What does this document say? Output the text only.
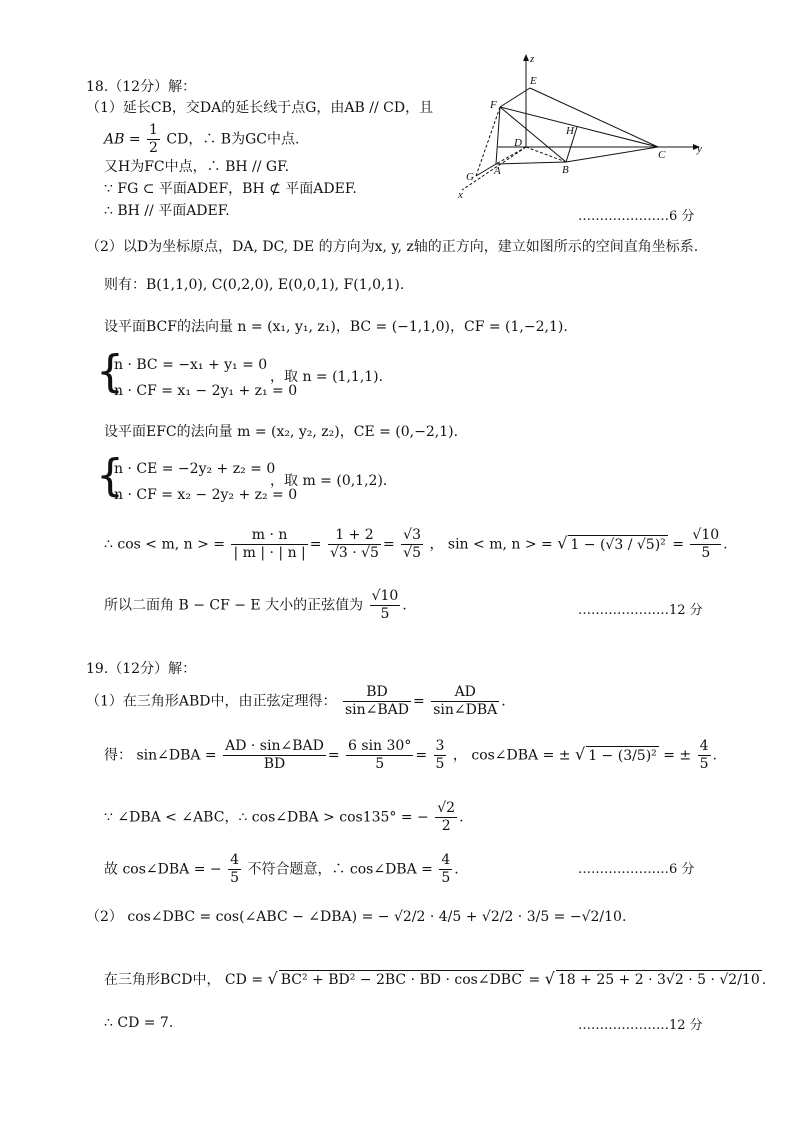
18.（12分）解：
（1）延长CB，交DA的延长线于点G，由AB // CD，且
AB = $\frac{1}{2}$ CD，∴ B为GC中点.
又H为FC中点，∴ BH // GF.
∵ FG ⊂ 平面ADEF，BH ⊄ 平面ADEF.
∴ BH // 平面ADEF.	…………………6 分
z
E
F
H
D
C	y
G A	B
x
（2）以D为坐标原点，DA, DC, DE 的方向为x, y, z轴的正方向，建立如图所示的空间直角坐标系.
则有：B(1,1,0), C(0,2,0), E(0,0,1), F(1,0,1).
设平面BCF的法向量 n = (x₁, y₁, z₁)，BC = (−1,1,0)，CF = (1,−2,1).
{
n · BC = −x₁ + y₁ = 0
n · CF = x₁ − 2y₁ + z₁ = 0
，取 n = (1,1,1).
设平面EFC的法向量 m = (x₂, y₂, z₂)，CE = (0,−2,1).
{
n · CE = −2y₂ + z₂ = 0
n · CF = x₂ − 2y₂ + z₂ = 0
，取 m = (0,1,2).
∴ cos < m, n > = $\frac{m \cdot n}{| m | \cdot | n |} = \frac{1 + 2}{√3 \cdot √5} = \frac{√3}{√5}$ ， sin < m, n > = √ $1 - (√3 / √5)^2 = \frac{√10}{5}$ .
所以二面角 B − CF − E 大小的正弦值为 $\frac{√10}{5}$ .	…………………12 分
19.（12分）解：
（1）在三角形ABD中，由正弦定理得： $\frac{BD}{\text{sin∠BAD}} = \frac{AD}{\text{sin∠DBA}}$ .
得： sin∠DBA = $\frac{\text{AD · sin∠BAD}}{BD} = \frac{6 \sin 30^\circ}{5} = \frac{3}{5}$ ， cos∠DBA = ± √ 1 − (3/5)² = ± $\frac{4}{5}$ .
∵ ∠DBA < ∠ABC，∴ cos∠DBA > cos135° = − $\frac{√2}{2}$ .
故 cos∠DBA = − $\frac{4}{5}$ 不符合题意，∴ cos∠DBA = $\frac{4}{5}$ .	…………………6 分
（2） cos∠DBC = cos(∠ABC − ∠DBA) = − √2/2 · 4/5 + √2/2 · 3/5 = −√2/10.
在三角形BCD中， CD = √ BC² + BD² − 2BC · BD · cos∠DBC = √ 18 + 25 + 2 · 3√2 · 5 · √2/10 .
∴ CD = 7.	…………………12 分
